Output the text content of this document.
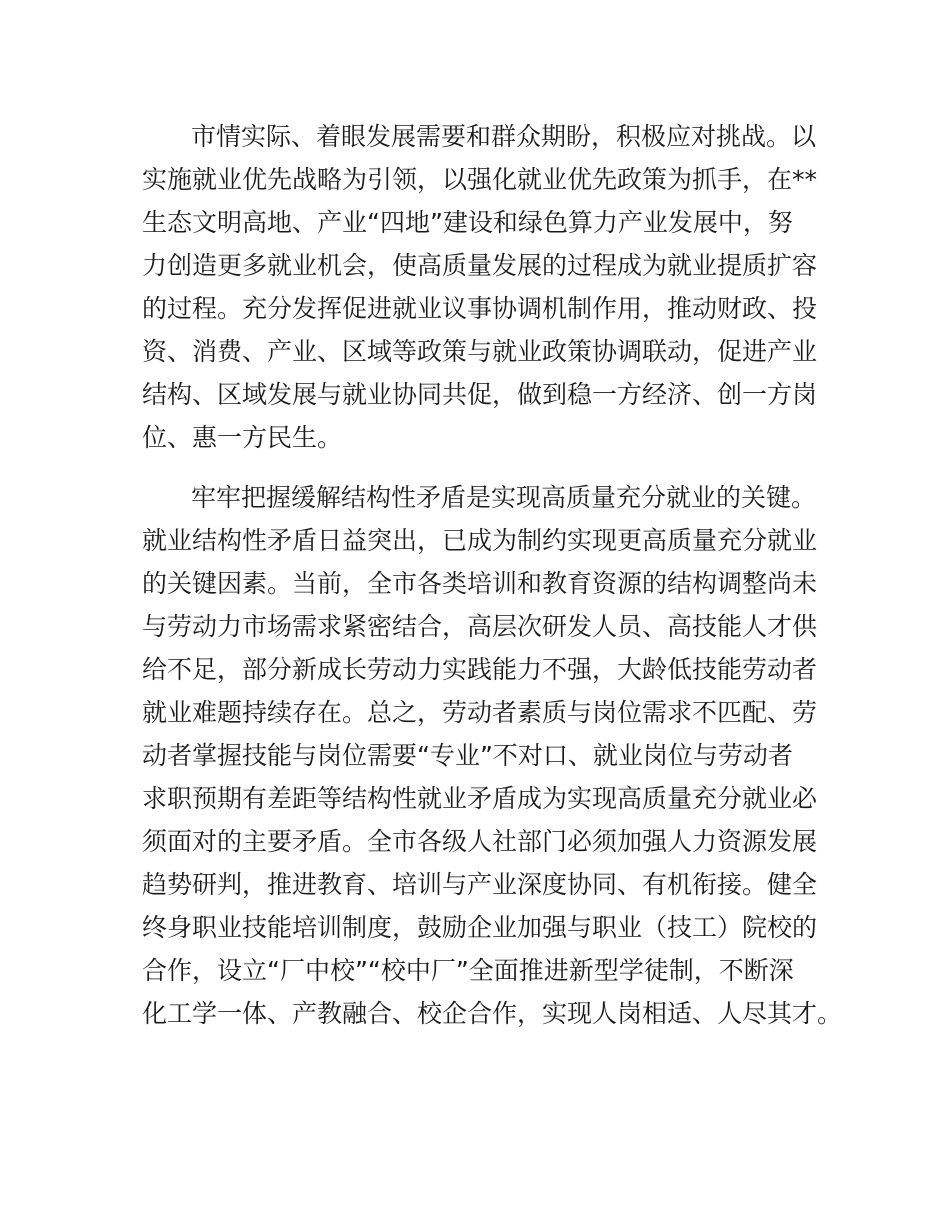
市情实际、着眼发展需要和群众期盼，积极应对挑战。以
实施就业优先战略为引领，以强化就业优先政策为抓手，在**
生态文明高地、产业“四地”建设和绿色算力产业发展中，努
力创造更多就业机会，使高质量发展的过程成为就业提质扩容
的过程。充分发挥促进就业议事协调机制作用，推动财政、投
资、消费、产业、区域等政策与就业政策协调联动，促进产业
结构、区域发展与就业协同共促，做到稳一方经济、创一方岗
位、惠一方民生。
牢牢把握缓解结构性矛盾是实现高质量充分就业的关键。
就业结构性矛盾日益突出，已成为制约实现更高质量充分就业
的关键因素。当前，全市各类培训和教育资源的结构调整尚未
与劳动力市场需求紧密结合，高层次研发人员、高技能人才供
给不足，部分新成长劳动力实践能力不强，大龄低技能劳动者
就业难题持续存在。总之，劳动者素质与岗位需求不匹配、劳
动者掌握技能与岗位需要“专业”不对口、就业岗位与劳动者
求职预期有差距等结构性就业矛盾成为实现高质量充分就业必
须面对的主要矛盾。全市各级人社部门必须加强人力资源发展
趋势研判，推进教育、培训与产业深度协同、有机衔接。健全
终身职业技能培训制度，鼓励企业加强与职业（技工）院校的
合作，设立“厂中校”“校中厂”全面推进新型学徒制，不断深
化工学一体、产教融合、校企合作，实现人岗相适、人尽其才。
